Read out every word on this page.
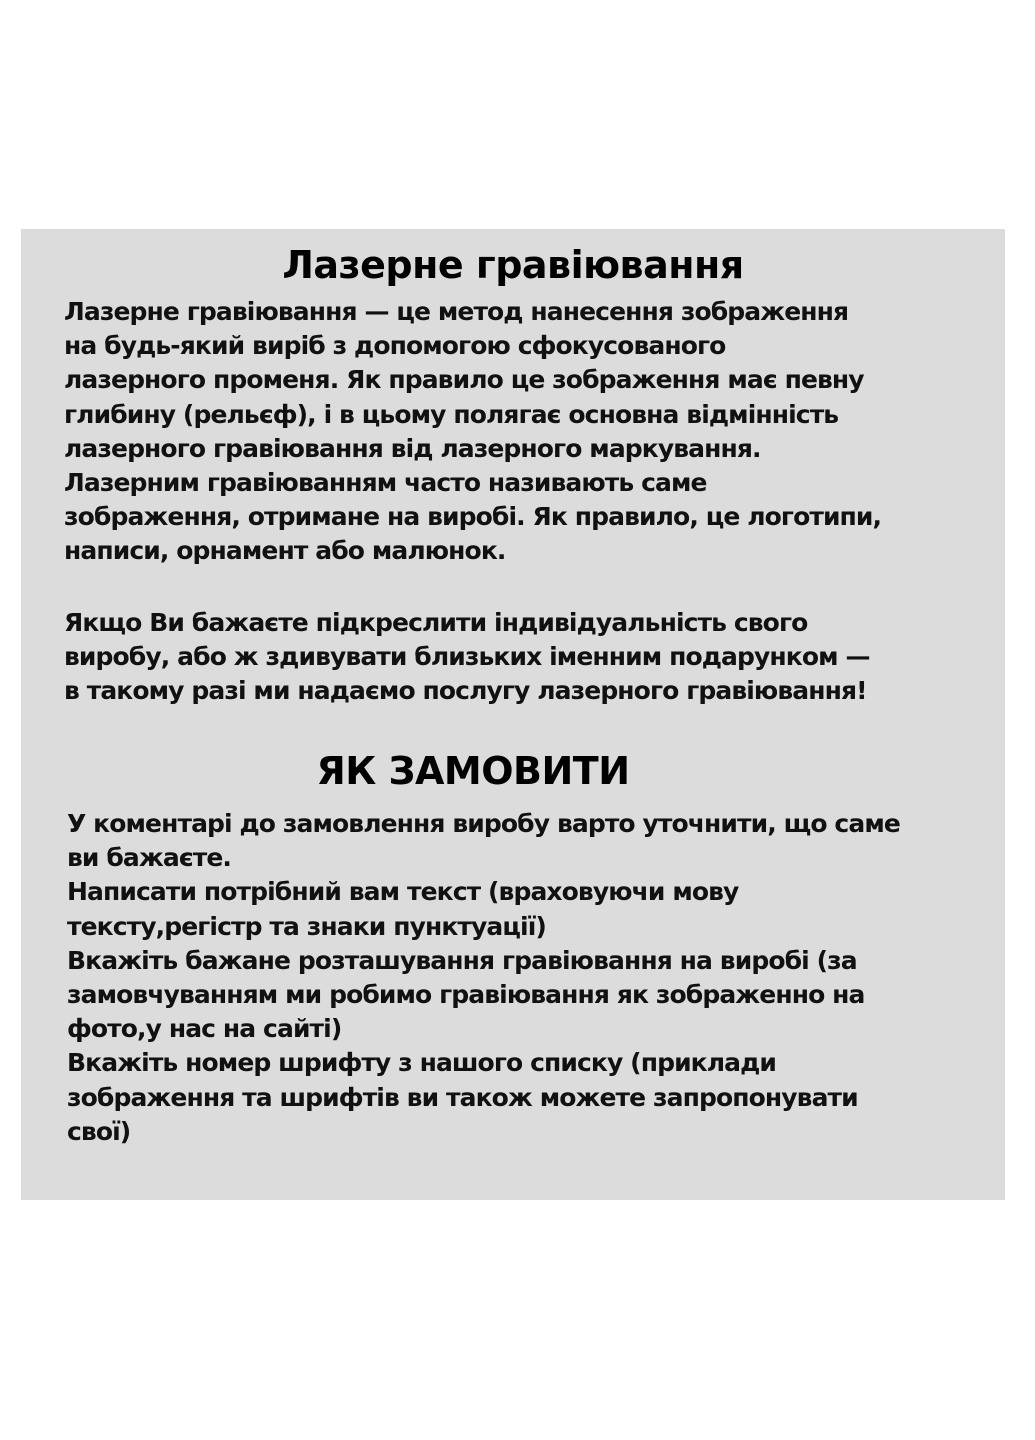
Лазерне гравіювання

Лазерне гравіювання — це метод нанесення зображення
на будь-який виріб з допомогою сфокусованого
лазерного променя. Як правило це зображення має певну
глибину (рельєф), і в цьому полягає основна відмінність
лазерного гравіювання від лазерного маркування.
Лазерним гравіюванням часто називають саме
зображення, отримане на виробі. Як правило, це логотипи,
написи, орнамент або малюнок.

Якщо Ви бажаєте підкреслити індивідуальність свого
виробу, або ж здивувати близьких іменним подарунком —
в такому разі ми надаємо послугу лазерного гравіювання!

ЯК ЗАМОВИТИ

У коментарі до замовлення виробу варто уточнити, що саме
ви бажаєте.
Написати потрібний вам текст (враховуючи мову
тексту,регістр та знаки пунктуації)
Вкажіть бажане розташування гравіювання на виробі (за
замовчуванням ми робимо гравіювання як зображенно на
фото,у нас на сайті)
Вкажіть номер шрифту з нашого списку (приклади
зображення та шрифтів ви також можете запропонувати
свої)
